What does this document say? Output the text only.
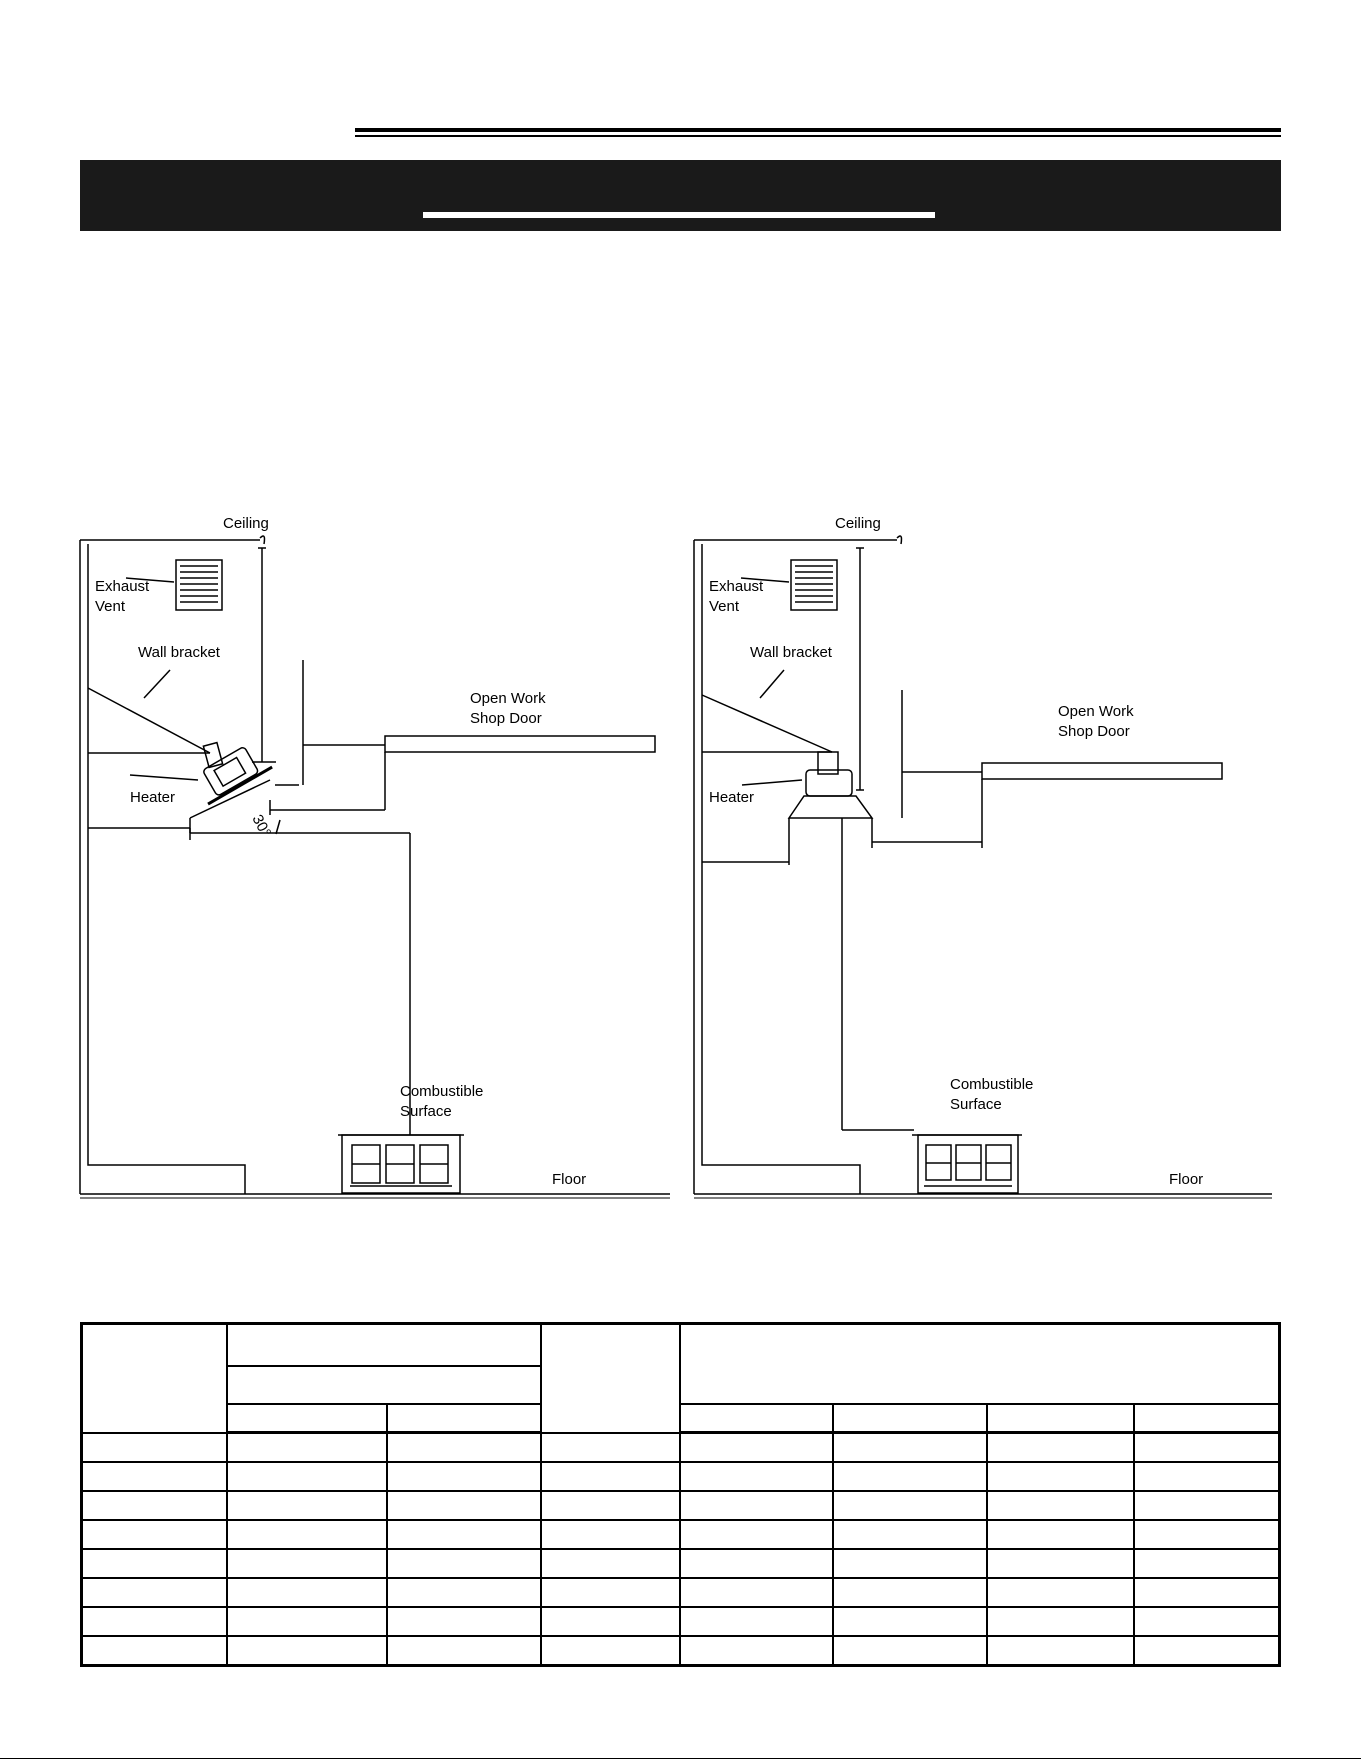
Ceiling
Exhaust
Vent
Wall bracket
Open Work
Shop Door
Heater
30°
Combustible
Surface
Floor
Ceiling
Exhaust
Vent
Wall bracket
Open Work
Shop Door
Heater
Combustible
Surface
Floor
